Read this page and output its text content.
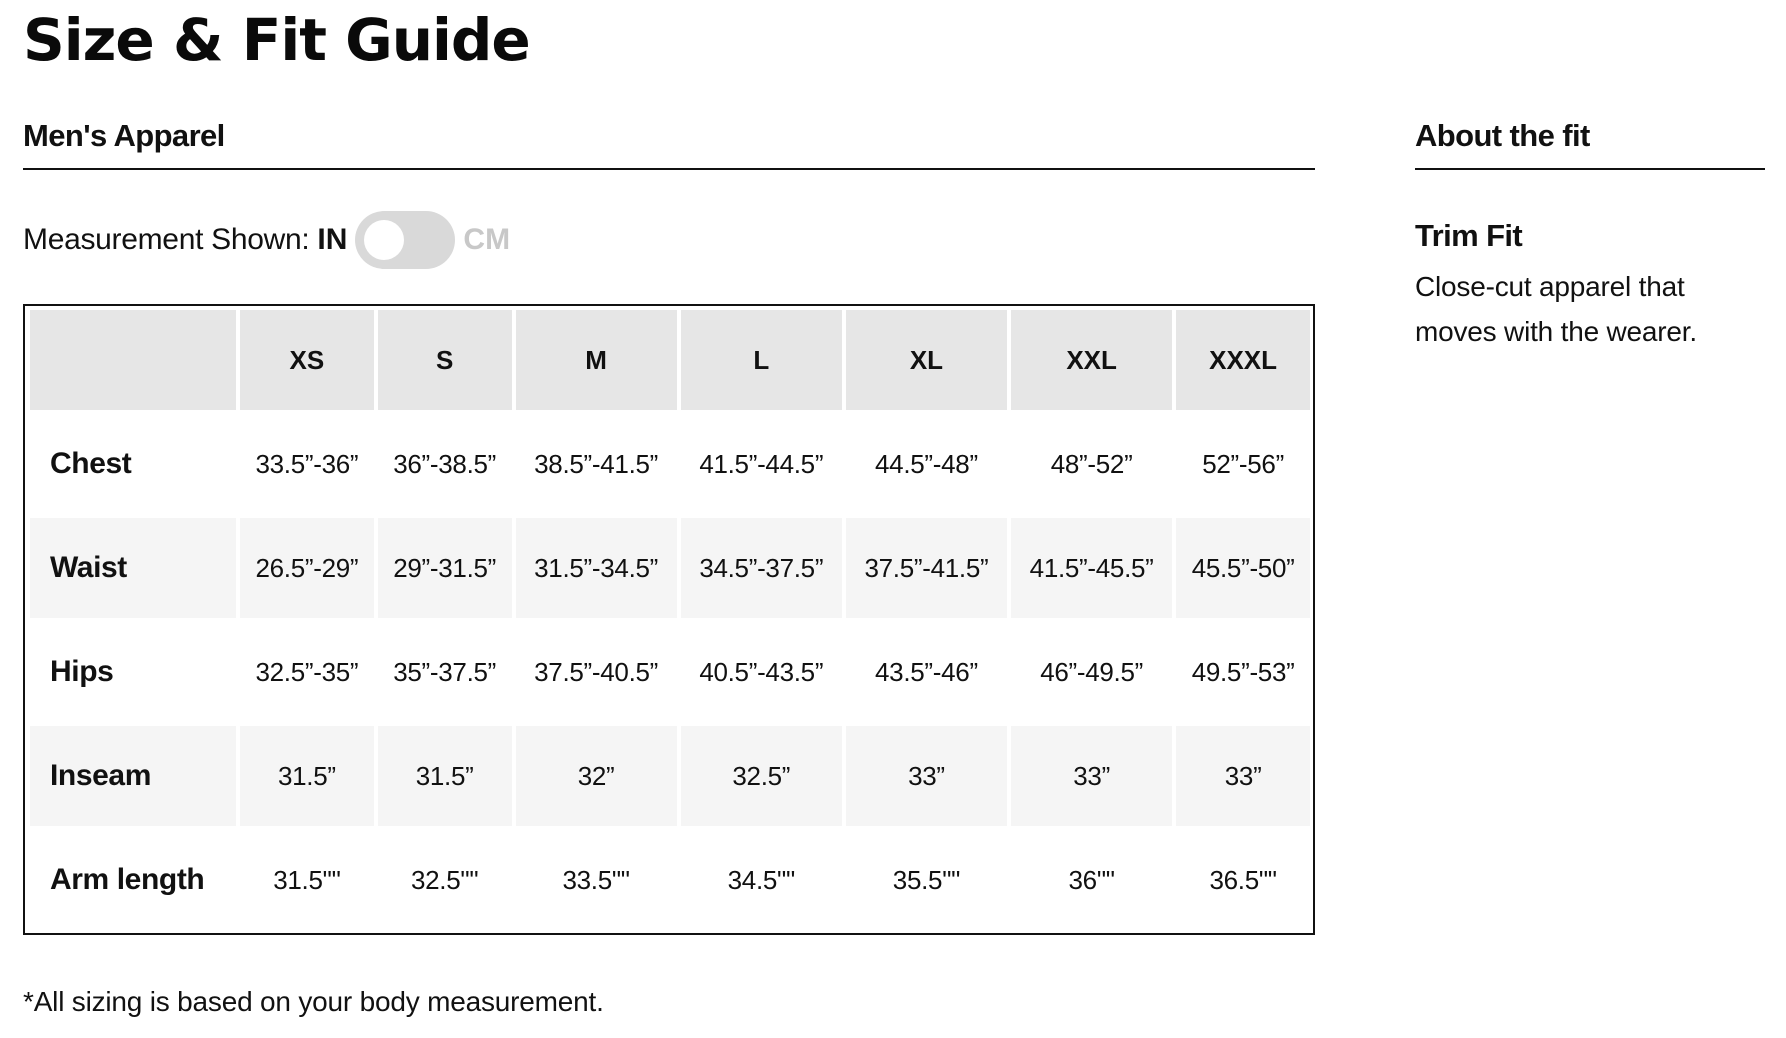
Size & Fit Guide
Men's Apparel
Measurement Shown: IN	CM
	XS	S	M	L	XL	XXL	XXXL
Chest	33.5”-36”	36”-38.5”	38.5”-41.5”	41.5”-44.5”	44.5”-48”	48”-52”	52”-56”
Waist	26.5”-29”	29”-31.5”	31.5”-34.5”	34.5”-37.5”	37.5”-41.5”	41.5”-45.5”	45.5”-50”
Hips	32.5”-35”	35”-37.5”	37.5”-40.5”	40.5”-43.5”	43.5”-46”	46”-49.5”	49.5”-53”
Inseam	31.5”	31.5”	32”	32.5”	33”	33”	33”
Arm length	31.5""	32.5""	33.5""	34.5""	35.5""	36""	36.5""

*All sizing is based on your body measurement.

About the fit
Trim Fit

Close-cut apparel that moves with the wearer.
